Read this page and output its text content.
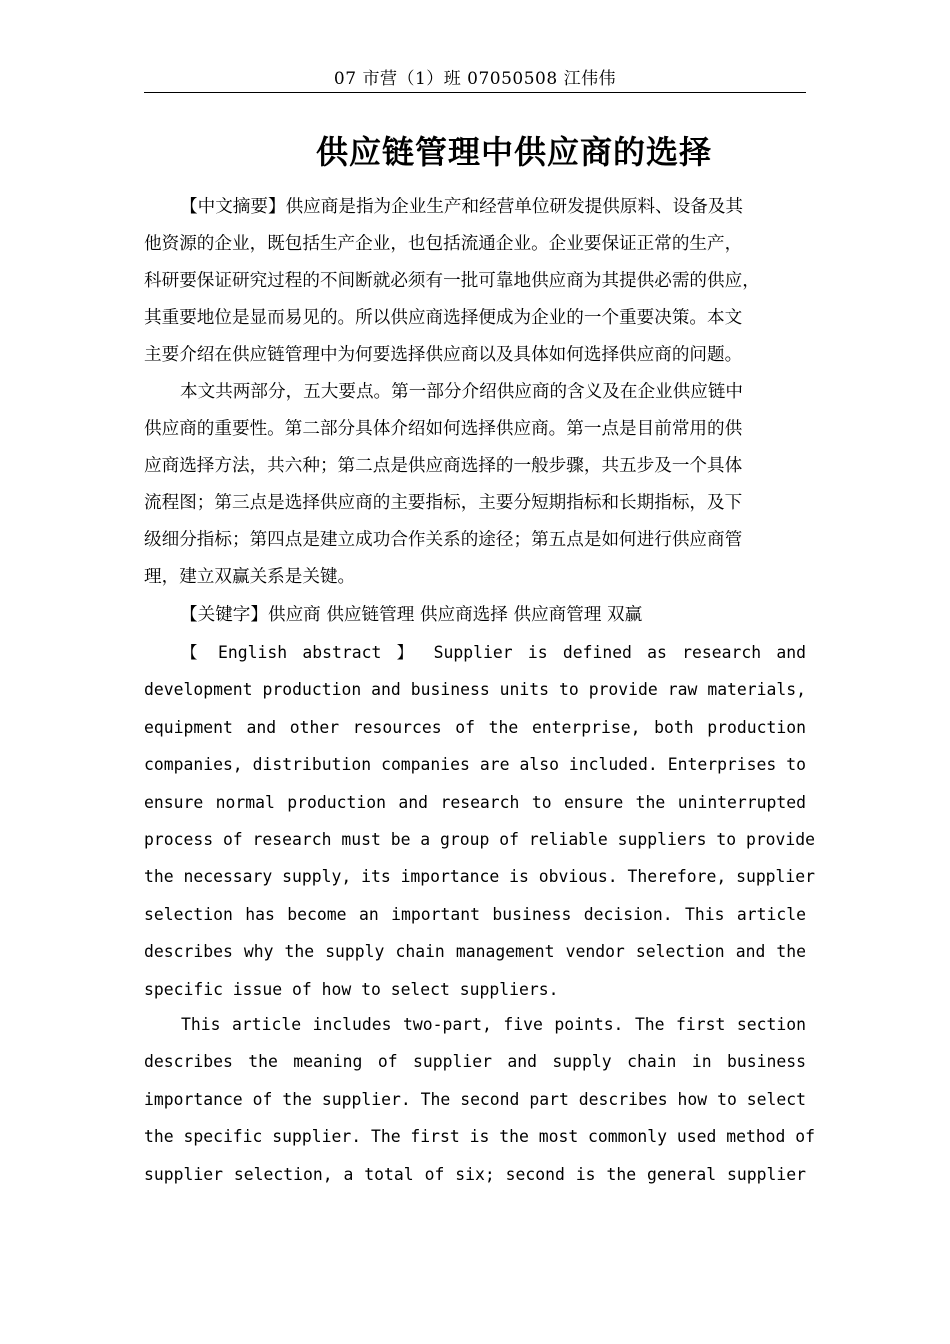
07 市营（1）班 07050508 江伟伟
供应链管理中供应商的选择
【中文摘要】供应商是指为企业生产和经营单位研发提供原料、设备及其
他资源的企业，既包括生产企业，也包括流通企业。企业要保证正常的生产，
科研要保证研究过程的不间断就必须有一批可靠地供应商为其提供必需的供应，
其重要地位是显而易见的。所以供应商选择便成为企业的一个重要决策。本文
主要介绍在供应链管理中为何要选择供应商以及具体如何选择供应商的问题。
本文共两部分，五大要点。第一部分介绍供应商的含义及在企业供应链中
供应商的重要性。第二部分具体介绍如何选择供应商。第一点是目前常用的供
应商选择方法，共六种；第二点是供应商选择的一般步骤，共五步及一个具体
流程图；第三点是选择供应商的主要指标，主要分短期指标和长期指标，及下
级细分指标；第四点是建立成功合作关系的途径；第五点是如何进行供应商管
理，建立双赢关系是关键。
【关键字】供应商 供应链管理 供应商选择 供应商管理 双赢
【 English abstract 】 Supplier is defined as research and
development production and business units to provide raw materials,
equipment and other resources of the enterprise, both production
companies, distribution companies are also included. Enterprises to
ensure normal production and research to ensure the uninterrupted
process of research must be a group of reliable suppliers to provide
the necessary supply, its importance is obvious. Therefore, supplier
selection has become an important business decision. This article
describes why the supply chain management vendor selection and the
specific issue of how to select suppliers.
This article includes two-part, five points. The first section
describes the meaning of supplier and supply chain in business
importance of the supplier. The second part describes how to select
the specific supplier. The first is the most commonly used method of
supplier selection, a total of six; second is the general supplier
